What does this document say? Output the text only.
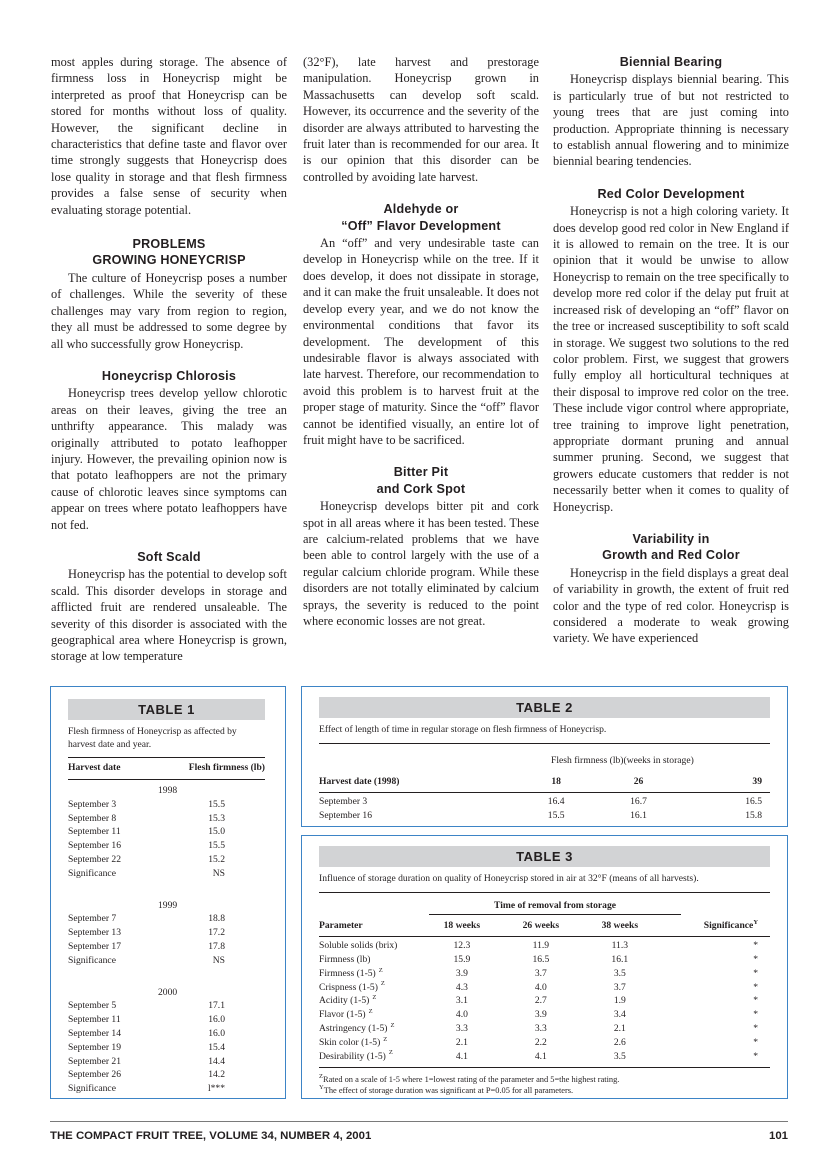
most apples during storage. The absence of firmness loss in Honeycrisp might be interpreted as proof that Honeycrisp can be stored for months without loss of quality. However, the significant decline in characteristics that define taste and flavor over time strongly suggests that Honeycrisp does lose quality in storage and that flesh firmness provides a false sense of security when evaluating storage potential.

PROBLEMS
GROWING HONEYCRISP

The culture of Honeycrisp poses a number of challenges. While the severity of these challenges may vary from region to region, they all must be addressed to some degree by all who successfully grow Honeycrisp.

Honeycrisp Chlorosis

Honeycrisp trees develop yellow chlorotic areas on their leaves, giving the tree an unthrifty appearance. This malady was originally attributed to potato leafhopper injury. However, the prevailing opinion now is that potato leafhoppers are not the primary cause of chlorotic leaves since symptoms can appear on trees where potato leafhoppers have not fed.

Soft Scald

Honeycrisp has the potential to develop soft scald. This disorder develops in storage and afflicted fruit are rendered unsaleable. The severity of this disorder is associated with the geographical area where Honeycrisp is grown, storage at low temperature

(32°F), late harvest and prestorage manipulation. Honeycrisp grown in Massachusetts can develop soft scald. However, its occurrence and the severity of the disorder are always attributed to harvesting the fruit later than is recommended for our area. It is our opinion that this disorder can be controlled by avoiding late harvest.

Aldehyde or
“Off” Flavor Development

An “off” and very undesirable taste can develop in Honeycrisp while on the tree. If it does develop, it does not dissipate in storage, and it can make the fruit unsaleable. It does not develop every year, and we do not know the environmental conditions that favor its development. The development of this undesirable flavor is always associated with late harvest. Therefore, our recommendation to avoid this problem is to harvest fruit at the proper stage of maturity. Since the “off” flavor cannot be identified visually, an entire lot of fruit might have to be sacrificed.

Bitter Pit
and Cork Spot

Honeycrisp develops bitter pit and cork spot in all areas where it has been tested. These are calcium-related problems that we have been able to control largely with the use of a regular calcium chloride program. While these disorders are not totally eliminated by calcium sprays, the severity is reduced to the point where economic losses are not great.

Biennial Bearing

Honeycrisp displays biennial bearing. This is particularly true of but not restricted to young trees that are just coming into production. Appropriate thinning is necessary to establish annual flowering and to minimize biennial bearing tendencies.

Red Color Development

Honeycrisp is not a high coloring variety. It does develop good red color in New England if it is allowed to remain on the tree. It is our opinion that it would be unwise to allow Honeycrisp to remain on the tree specifically to develop more red color if the delay put fruit at increased risk of developing an “off” flavor on the tree or increased susceptibility to soft scald in storage. We suggest two solutions to the red color problem. First, we suggest that growers fully employ all horticultural techniques at their disposal to improve red color on the tree. These include vigor control where appropriate, tree training to improve light penetration, appropriate dormant pruning and annual summer pruning. Second, we suggest that growers educate customers that redder is not necessarily better when it comes to quality of Honeycrisp.

Variability in
Growth and Red Color

Honeycrisp in the field displays a great deal of variability in growth, the extent of fruit red color and the type of red color. Honeycrisp is considered a moderate to weak growing variety. We have experienced

TABLE 1
Flesh firmness of Honeycrisp as affected by harvest date and year.
Harvest date	Flesh firmness (lb)
1998
September 3	15.5
September 8	15.3
September 11	15.0
September 16	15.5
September 22	15.2
Significance	NS
1999
September 7	18.8
September 13	17.2
September 17	17.8
Significance	NS
2000
September 5	17.1
September 11	16.0
September 14	16.0
September 19	15.4
September 21	14.4
September 26	14.2
Significance	l***
TABLE 2
Effect of length of time in regular storage on flesh firmness of Honeycrisp.
Flesh firmness (lb)(weeks in storage)
Harvest date (1998)	18	26	39
September 3	16.4	16.7	16.5
September 16	15.5	16.1	15.8
TABLE 3
Influence of storage duration on quality of Honeycrisp stored in air at 32°F (means of all harvests).
Time of removal from storage
Parameter	18 weeks	26 weeks	38 weeks	Significance$^Y$
Soluble solids (brix)	12.3	11.9	11.3	*
Firmness (lb)	15.9	16.5	16.1	*
Firmness (1-5) $^Z$	3.9	3.7	3.5	*
Crispness (1-5) $^Z$	4.3	4.0	3.7	*
Acidity (1-5) $^Z$	3.1	2.7	1.9	*
Flavor (1-5) $^Z$	4.0	3.9	3.4	*
Astringency (1-5) $^Z$	3.3	3.3	2.1	*
Skin color (1-5) $^Z$	2.1	2.2	2.6	*
Desirability (1-5) $^Z$	4.1	4.1	3.5	*
$^Z$Rated on a scale of 1-5 where 1=lowest rating of the parameter and 5=the highest rating.
$^Y$The effect of storage duration was significant at P=0.05 for all parameters.
THE COMPACT FRUIT TREE, VOLUME 34, NUMBER 4, 2001	101
